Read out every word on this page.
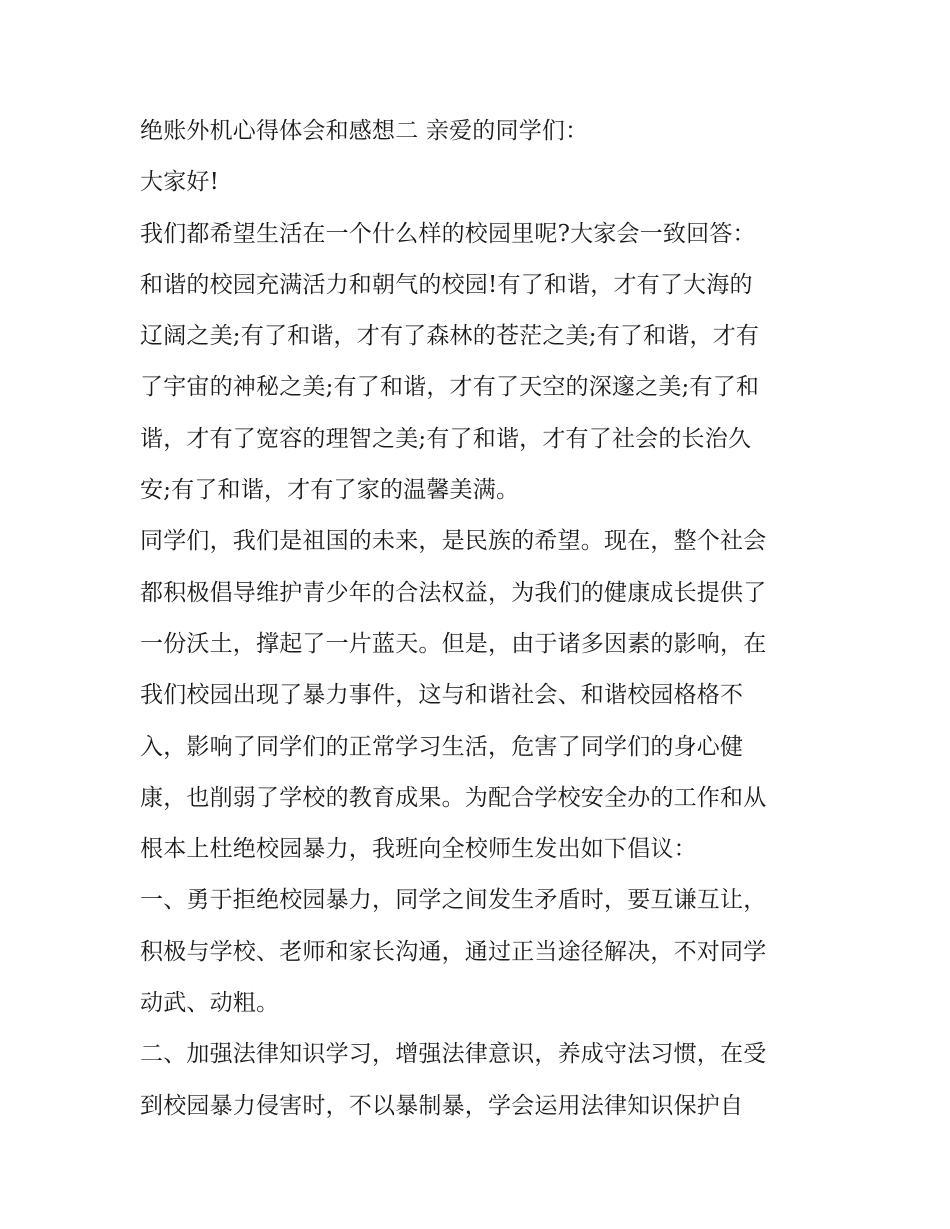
绝账外机心得体会和感想二 亲爱的同学们：
大家好!
我们都希望生活在一个什么样的校园里呢?大家会一致回答：
和谐的校园充满活力和朝气的校园!有了和谐，才有了大海的
辽阔之美;有了和谐，才有了森林的苍茫之美;有了和谐，才有
了宇宙的神秘之美;有了和谐，才有了天空的深邃之美;有了和
谐，才有了宽容的理智之美;有了和谐，才有了社会的长治久
安;有了和谐，才有了家的温馨美满。
同学们，我们是祖国的未来，是民族的希望。现在，整个社会
都积极倡导维护青少年的合法权益，为我们的健康成长提供了
一份沃土，撑起了一片蓝天。但是，由于诸多因素的影响，在
我们校园出现了暴力事件，这与和谐社会、和谐校园格格不
入，影响了同学们的正常学习生活，危害了同学们的身心健
康，也削弱了学校的教育成果。为配合学校安全办的工作和从
根本上杜绝校园暴力，我班向全校师生发出如下倡议：
一、勇于拒绝校园暴力，同学之间发生矛盾时，要互谦互让，
积极与学校、老师和家长沟通，通过正当途径解决，不对同学
动武、动粗。
二、加强法律知识学习，增强法律意识，养成守法习惯，在受
到校园暴力侵害时，不以暴制暴，学会运用法律知识保护自
